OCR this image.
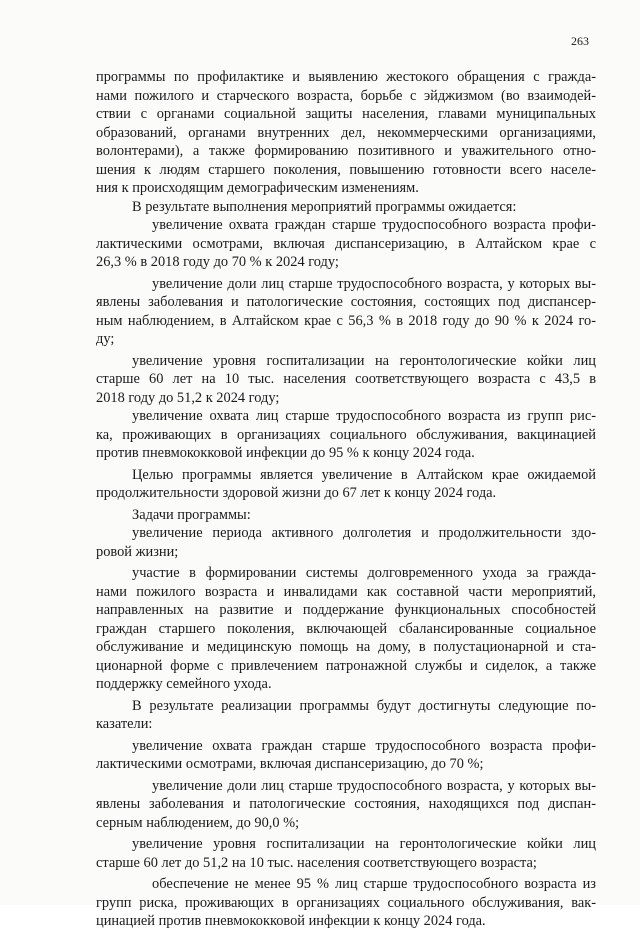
263
программы по профилактике и выявлению жестокого обращения с гражда-
нами пожилого и старческого возраста, борьбе с эйджизмом (во взаимодей-
ствии с органами социальной защиты населения, главами муниципальных
образований, органами внутренних дел, некоммерческими организациями,
волонтерами), а также формированию позитивного и уважительного отно-
шения к людям старшего поколения, повышению готовности всего населе-
ния к происходящим демографическим изменениям.
В результате выполнения мероприятий программы ожидается:
увеличение охвата граждан старше трудоспособного возраста профи-
лактическими осмотрами, включая диспансеризацию, в Алтайском крае с
26,3 % в 2018 году до 70 % к 2024 году;
увеличение доли лиц старше трудоспособного возраста, у которых вы-
явлены заболевания и патологические состояния, состоящих под диспансер-
ным наблюдением, в Алтайском крае с 56,3 % в 2018 году до 90 % к 2024 го-
ду;
увеличение уровня госпитализации на геронтологические койки лиц
старше 60 лет на 10 тыс. населения соответствующего возраста с 43,5 в
2018 году до 51,2 к 2024 году;
увеличение охвата лиц старше трудоспособного возраста из групп рис-
ка, проживающих в организациях социального обслуживания, вакцинацией
против пневмококковой инфекции до 95 % к концу 2024 года.
Целью программы является увеличение в Алтайском крае ожидаемой
продолжительности здоровой жизни до 67 лет к концу 2024 года.
Задачи программы:
увеличение периода активного долголетия и продолжительности здо-
ровой жизни;
участие в формировании системы долговременного ухода за гражда-
нами пожилого возраста и инвалидами как составной части мероприятий,
направленных на развитие и поддержание функциональных способностей
граждан старшего поколения, включающей сбалансированные социальное
обслуживание и медицинскую помощь на дому, в полустационарной и ста-
ционарной форме с привлечением патронажной службы и сиделок, а также
поддержку семейного ухода.
В результате реализации программы будут достигнуты следующие по-
казатели:
увеличение охвата граждан старше трудоспособного возраста профи-
лактическими осмотрами, включая диспансеризацию, до 70 %;
увеличение доли лиц старше трудоспособного возраста, у которых вы-
явлены заболевания и патологические состояния, находящихся под диспан-
серным наблюдением, до 90,0 %;
увеличение уровня госпитализации на геронтологические койки лиц
старше 60 лет до 51,2 на 10 тыс. населения соответствующего возраста;
обеспечение не менее 95 % лиц старше трудоспособного возраста из
групп риска, проживающих в организациях социального обслуживания, вак-
цинацией против пневмококковой инфекции к концу 2024 года.
